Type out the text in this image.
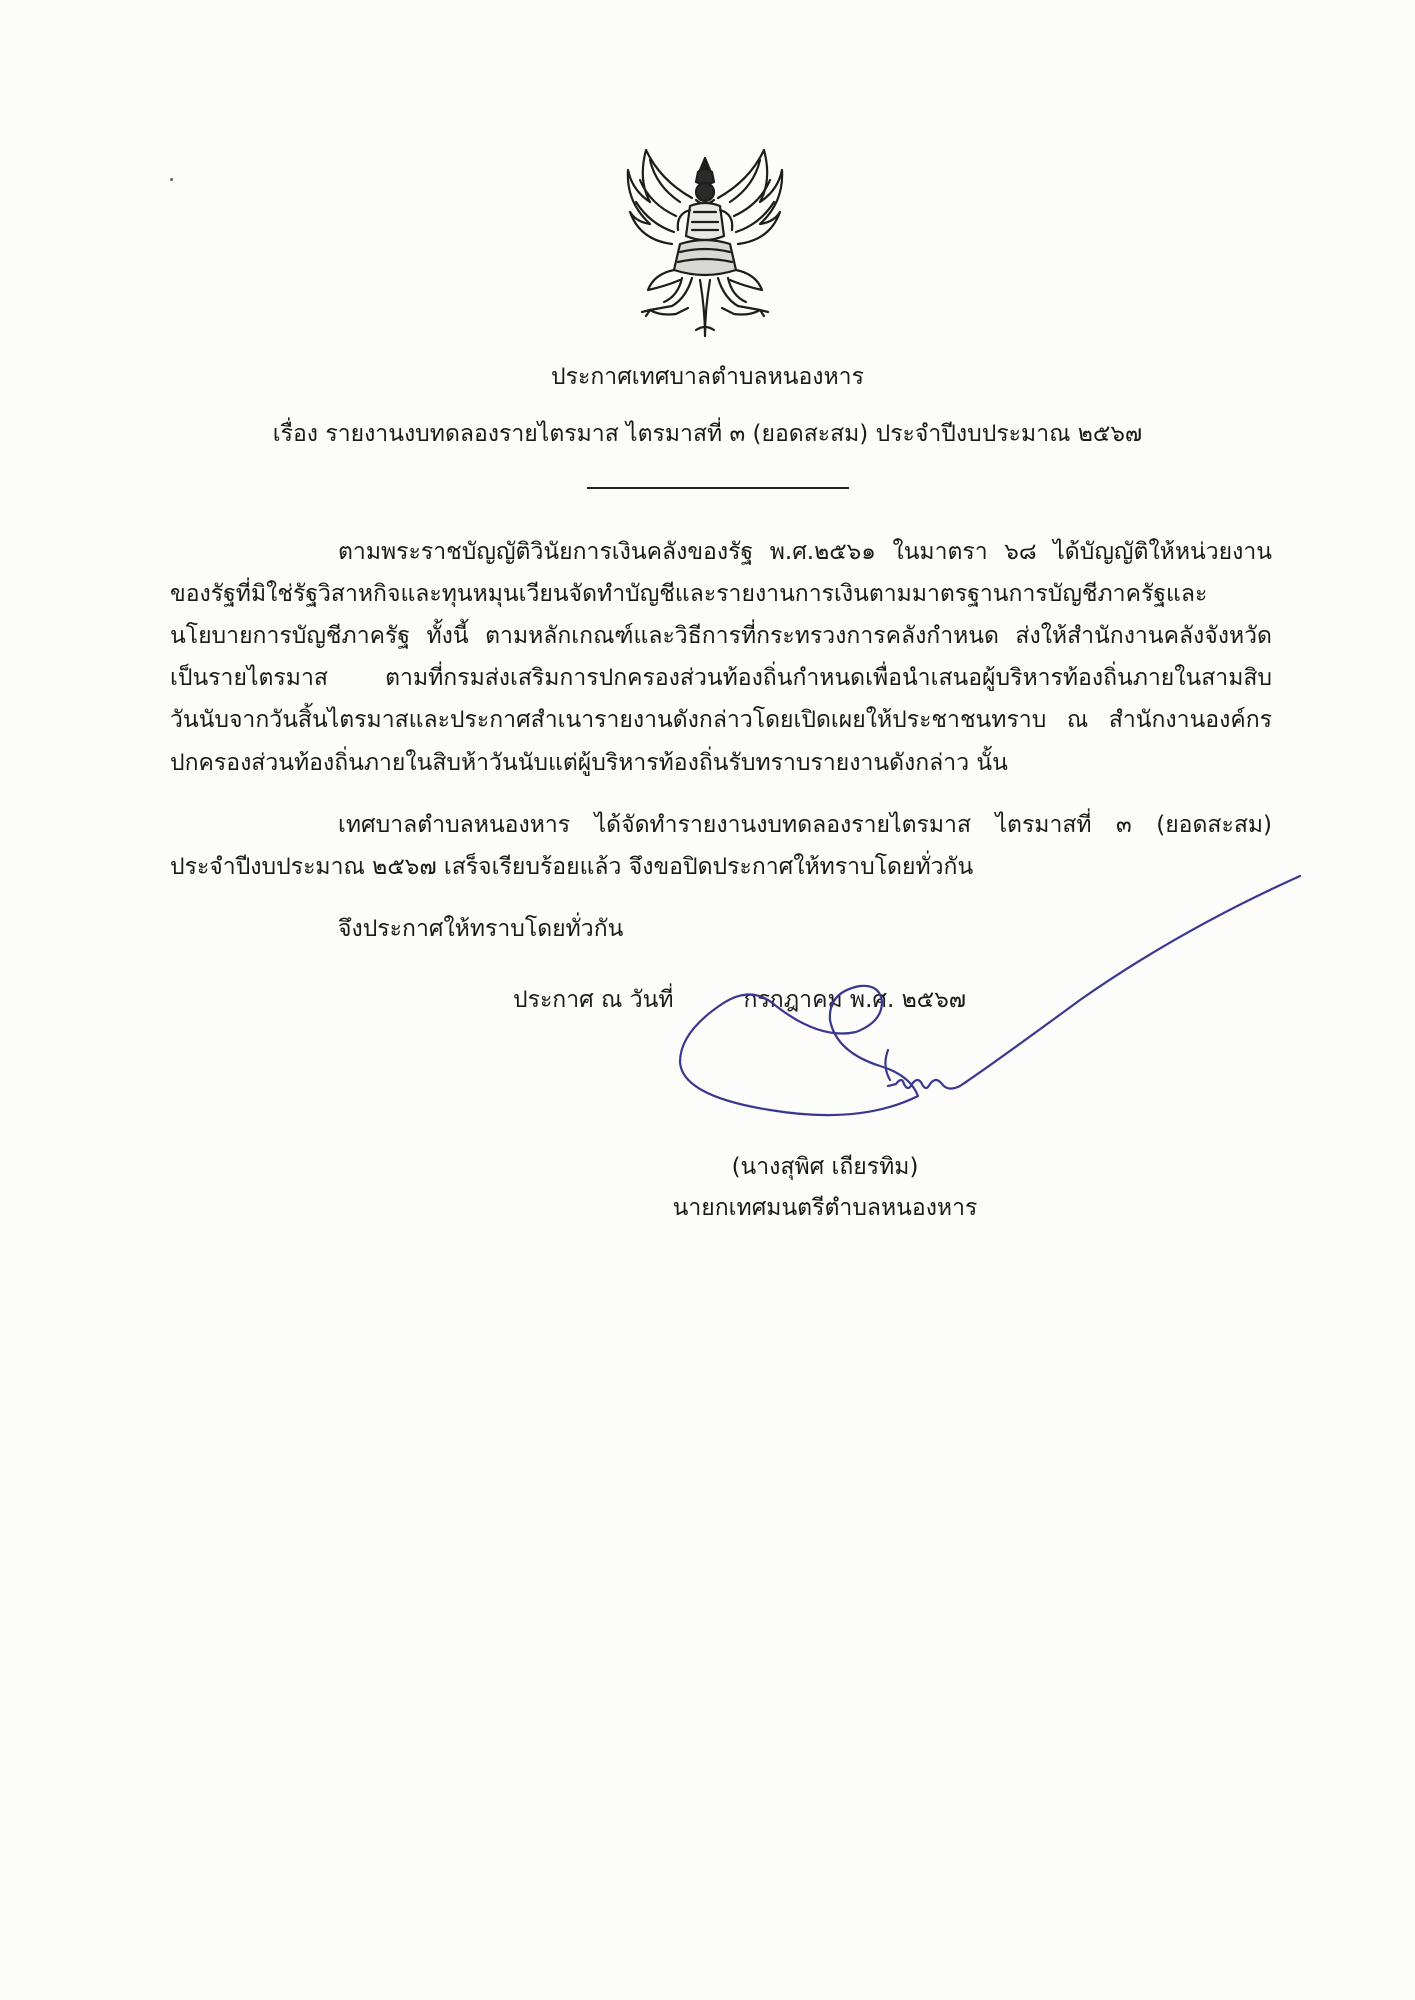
ประกาศเทศบาลตำบลหนองหาร
เรื่อง รายงานงบทดลองรายไตรมาส ไตรมาสที่ ๓ (ยอดสะสม) ประจำปีงบประมาณ ๒๕๖๗
ตามพระราชบัญญัติวินัยการเงินคลังของรัฐ พ.ศ.๒๕๖๑ ในมาตรา ๖๘ ได้บัญญัติให้หน่วยงาน
ของรัฐที่มิใช่รัฐวิสาหกิจและทุนหมุนเวียนจัดทำบัญชีและรายงานการเงินตามมาตรฐานการบัญชีภาครัฐและ
นโยบายการบัญชีภาครัฐ ทั้งนี้ ตามหลักเกณฑ์และวิธีการที่กระทรวงการคลังกำหนด ส่งให้สำนักงานคลังจังหวัด
เป็นรายไตรมาส ตามที่กรมส่งเสริมการปกครองส่วนท้องถิ่นกำหนดเพื่อนำเสนอผู้บริหารท้องถิ่นภายในสามสิบ
วันนับจากวันสิ้นไตรมาสและประกาศสำเนารายงานดังกล่าวโดยเปิดเผยให้ประชาชนทราบ ณ สำนักงานองค์กร
ปกครองส่วนท้องถิ่นภายในสิบห้าวันนับแต่ผู้บริหารท้องถิ่นรับทราบรายงานดังกล่าว นั้น
เทศบาลตำบลหนองหาร ได้จัดทำรายงานงบทดลองรายไตรมาส ไตรมาสที่ ๓ (ยอดสะสม)
ประจำปีงบประมาณ ๒๕๖๗ เสร็จเรียบร้อยแล้ว จึงขอปิดประกาศให้ทราบโดยทั่วกัน
จึงประกาศให้ทราบโดยทั่วกัน
ประกาศ ณ วันที่	กรกฎาคม พ.ศ. ๒๕๖๗
(นางสุพิศ เถียรทิม)
นายกเทศมนตรีตำบลหนองหาร
